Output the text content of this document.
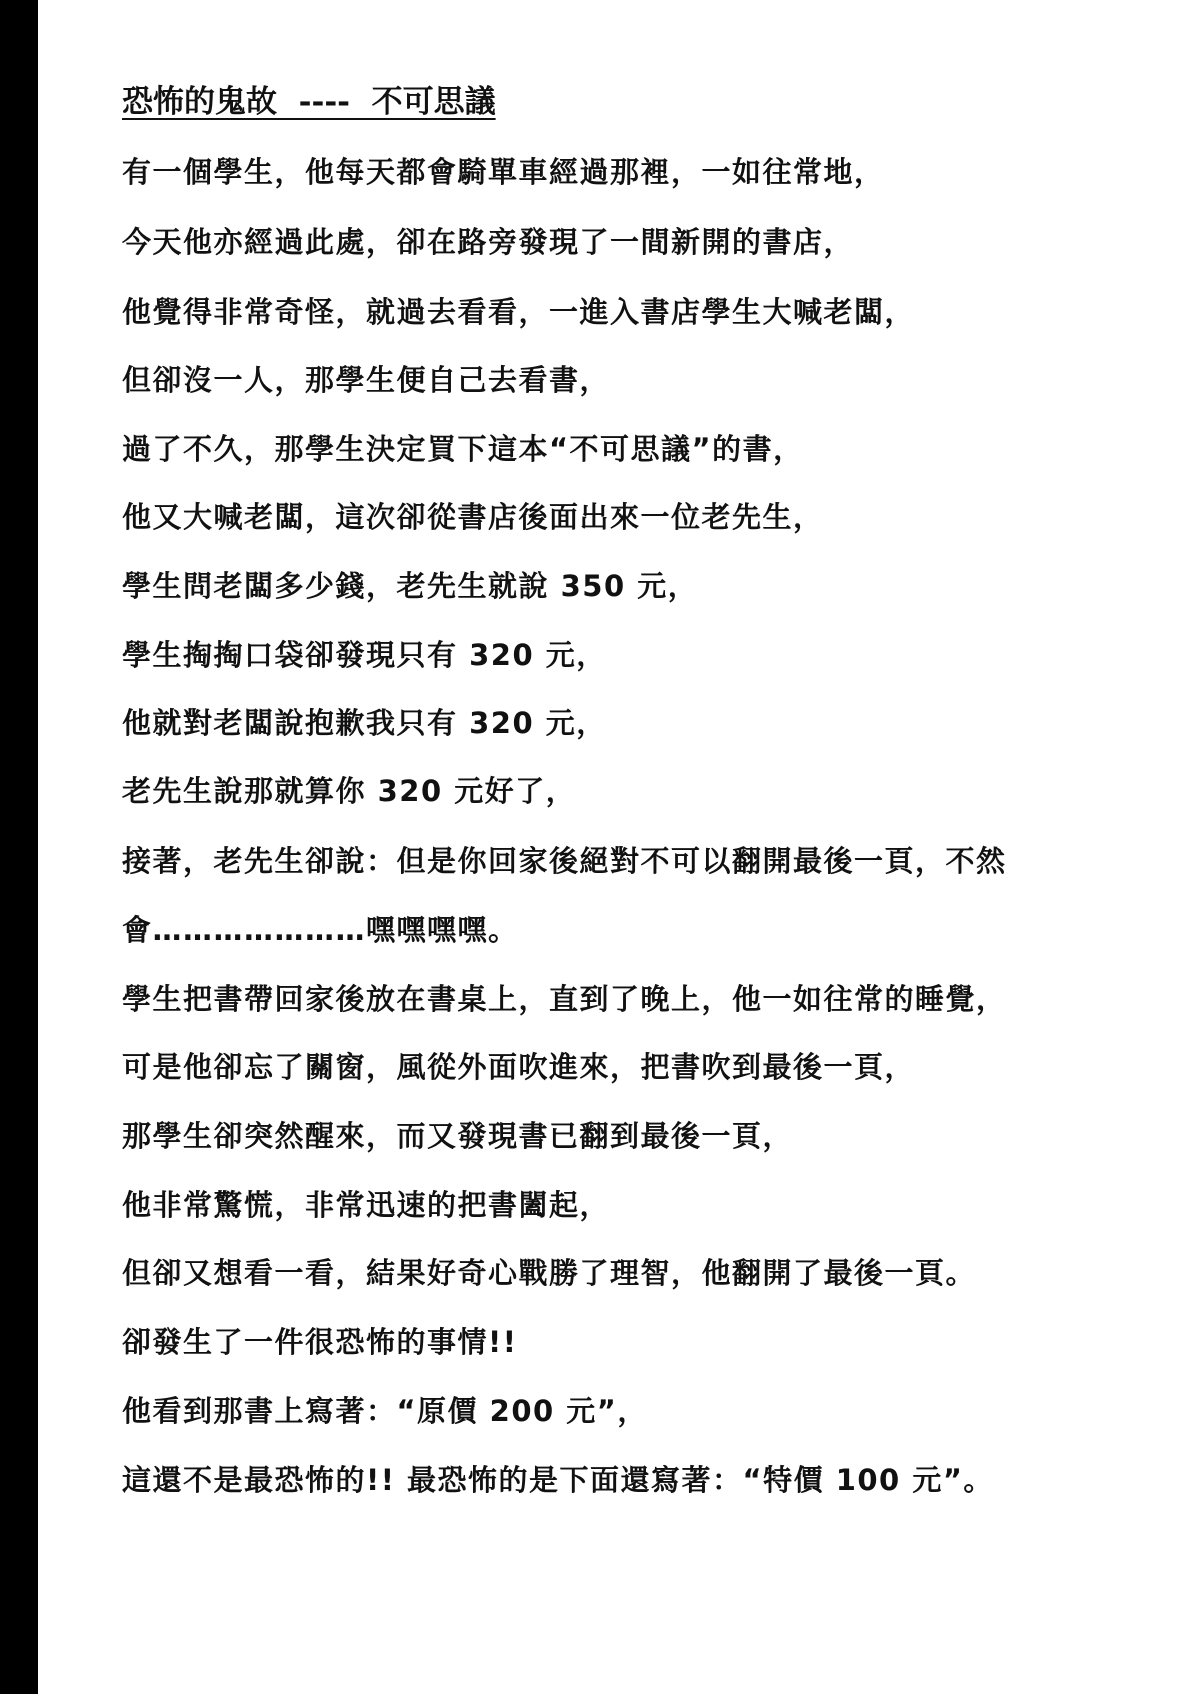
恐怖的鬼故  ----  不可思議

有一個學生，他每天都會騎單車經過那裡，一如往常地，

今天他亦經過此處，卻在路旁發現了一間新開的書店，

他覺得非常奇怪，就過去看看，一進入書店學生大喊老闆，

但卻沒一人，那學生便自己去看書，

過了不久，那學生決定買下這本“不可思議”的書，

他又大喊老闆，這次卻從書店後面出來一位老先生，

學生問老闆多少錢，老先生就說 350 元，

學生掏掏口袋卻發現只有 320 元，

他就對老闆說抱歉我只有 320 元，

老先生說那就算你 320 元好了，

接著，老先生卻說：但是你回家後絕對不可以翻開最後一頁，不然

會…………………嘿嘿嘿嘿。

學生把書帶回家後放在書桌上，直到了晚上，他一如往常的睡覺，

可是他卻忘了關窗，風從外面吹進來，把書吹到最後一頁，

那學生卻突然醒來，而又發現書已翻到最後一頁，

他非常驚慌，非常迅速的把書闔起，

但卻又想看一看，結果好奇心戰勝了理智，他翻開了最後一頁。

卻發生了一件很恐怖的事情!!

他看到那書上寫著：“原價 200 元”，

這還不是最恐怖的!! 最恐怖的是下面還寫著：“特價 100 元”。
